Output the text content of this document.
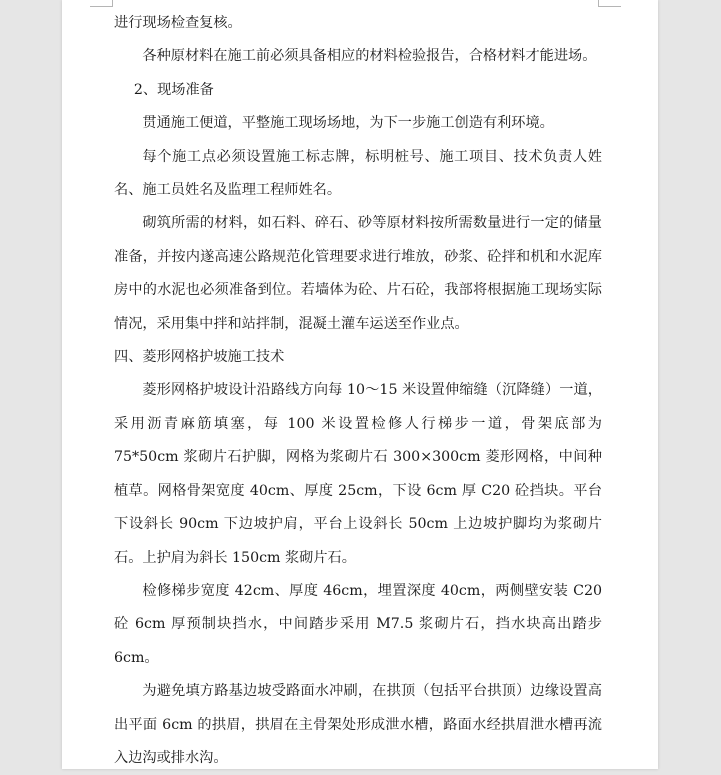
进行现场检查复核。

各种原材料在施工前必须具备相应的材料检验报告，合格材料才能进场。

2、现场准备

贯通施工便道，平整施工现场场地，为下一步施工创造有利环境。

每个施工点必须设置施工标志牌，标明桩号、施工项目、技术负责人姓名、施工员姓名及监理工程师姓名。

砌筑所需的材料，如石料、碎石、砂等原材料按所需数量进行一定的储量准备，并按内遂高速公路规范化管理要求进行堆放，砂浆、砼拌和机和水泥库房中的水泥也必须准备到位。若墙体为砼、片石砼，我部将根据施工现场实际情况，采用集中拌和站拌制，混凝土灌车运送至作业点。

四、菱形网格护坡施工技术

菱形网格护坡设计沿路线方向每 10～15 米设置伸缩缝（沉降缝）一道，采用沥青麻筋填塞，每 100 米设置检修人行梯步一道，骨架底部为 75*50cm 浆砌片石护脚，网格为浆砌片石 300×300cm 菱形网格，中间种植草。网格骨架宽度 40cm、厚度 25cm，下设 6cm 厚 C20 砼挡块。平台下设斜长 90cm 下边坡护肩，平台上设斜长 50cm 上边坡护脚均为浆砌片石。上护肩为斜长 150cm 浆砌片石。

检修梯步宽度 42cm、厚度 46cm，埋置深度 40cm，两侧壁安装 C20 砼 6cm 厚预制块挡水，中间踏步采用 M7.5 浆砌片石，挡水块高出踏步 6cm。

为避免填方路基边坡受路面水冲刷，在拱顶（包括平台拱顶）边缘设置高出平面 6cm 的拱眉，拱眉在主骨架处形成泄水槽，路面水经拱眉泄水槽再流入边沟或排水沟。
